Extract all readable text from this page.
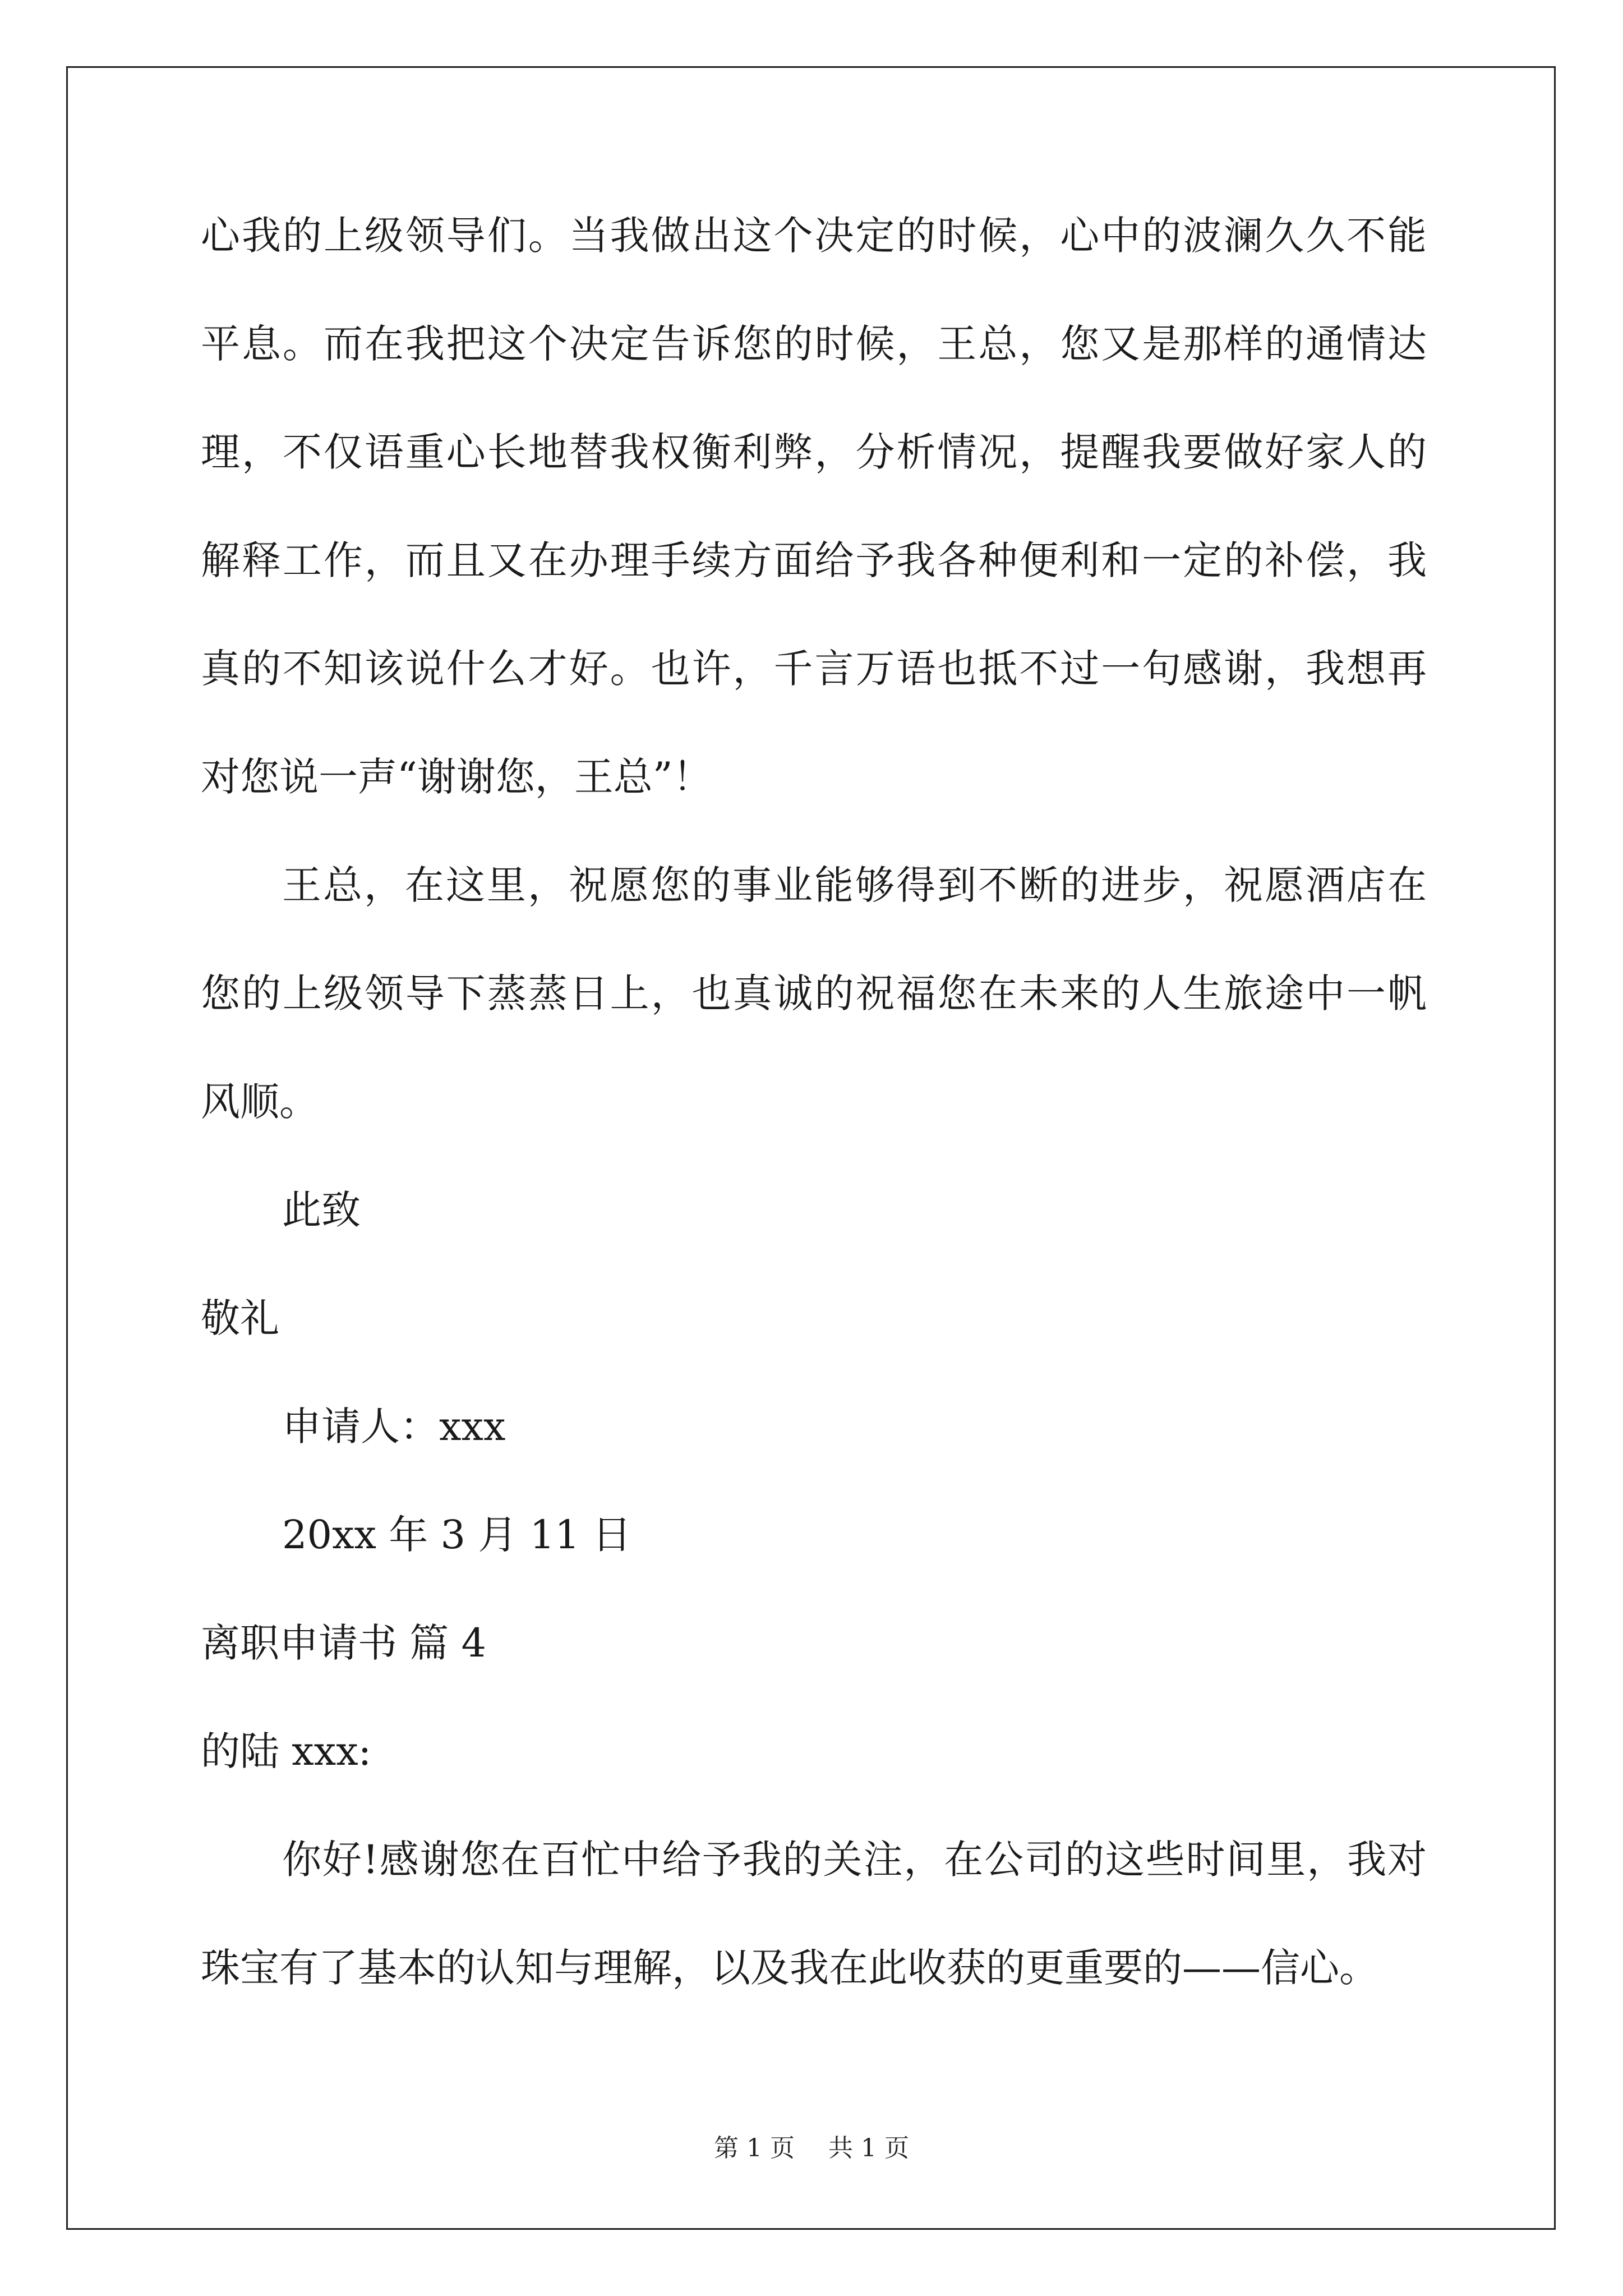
心我的上级领导们。当我做出这个决定的时候，心中的波澜久久不能
平息。而在我把这个决定告诉您的时候，王总，您又是那样的通情达
理，不仅语重心长地替我权衡利弊，分析情况，提醒我要做好家人的
解释工作，而且又在办理手续方面给予我各种便利和一定的补偿，我
真的不知该说什么才好。也许，千言万语也抵不过一句感谢，我想再
对您说一声“谢谢您，王总”！
王总，在这里，祝愿您的事业能够得到不断的进步，祝愿酒店在
您的上级领导下蒸蒸日上，也真诚的祝福您在未来的人生旅途中一帆
风顺。
此致
敬礼
申请人：xxx
20xx 年 3 月 11 日
离职申请书 篇 4
的陆 xxx:
你好!感谢您在百忙中给予我的关注，在公司的这些时间里，我对
珠宝有了基本的认知与理解，以及我在此收获的更重要的——信心。
第 1 页 共 1 页
